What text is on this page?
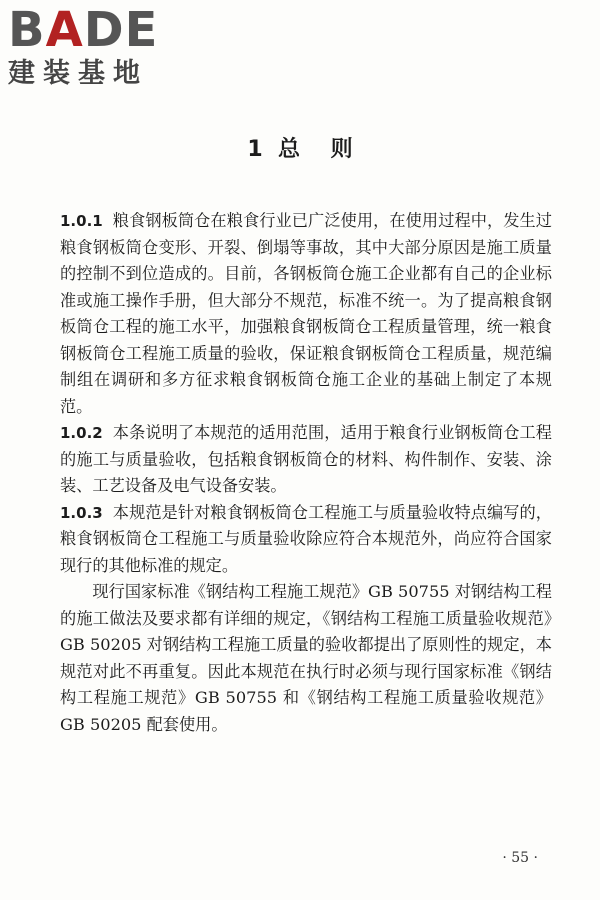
B A DE
建装基地
1  总    则

1.0.1 粮食钢板筒仓在粮食行业已广泛使用，在使用过程中，发生过粮食钢板筒仓变形、开裂、倒塌等事故，其中大部分原因是施工质量的控制不到位造成的。目前，各钢板筒仓施工企业都有自己的企业标准或施工操作手册，但大部分不规范，标准不统一。为了提高粮食钢板筒仓工程的施工水平，加强粮食钢板筒仓工程质量管理，统一粮食钢板筒仓工程施工质量的验收，保证粮食钢板筒仓工程质量，规范编制组在调研和多方征求粮食钢板筒仓施工企业的基础上制定了本规范。

1.0.2 本条说明了本规范的适用范围，适用于粮食行业钢板筒仓工程的施工与质量验收，包括粮食钢板筒仓的材料、构件制作、安装、涂装、工艺设备及电气设备安装。

1.0.3 本规范是针对粮食钢板筒仓工程施工与质量验收特点编写的，粮食钢板筒仓工程施工与质量验收除应符合本规范外，尚应符合国家现行的其他标准的规定。

现行国家标准《钢结构工程施工规范》GB 50755 对钢结构工程的施工做法及要求都有详细的规定，《钢结构工程施工质量验收规范》GB 50205 对钢结构工程施工质量的验收都提出了原则性的规定，本规范对此不再重复。因此本规范在执行时必须与现行国家标准《钢结构工程施工规范》GB 50755 和《钢结构工程施工质量验收规范》GB 50205 配套使用。

· 55 ·
